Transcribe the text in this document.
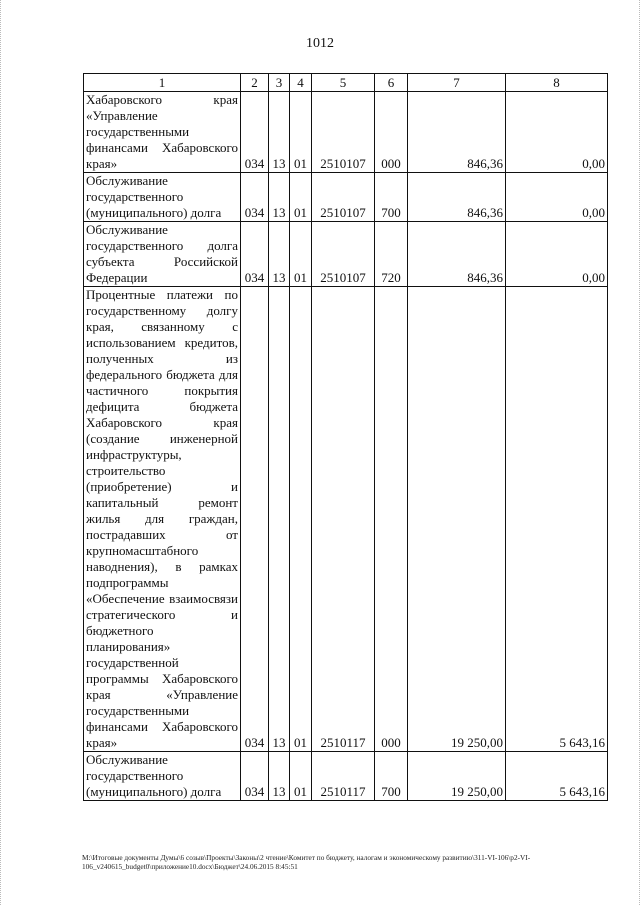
1012
1	2	3	4	5	6	7	8
Хабаровского края «Управление государственными финансами Хабаровского края»	034	13	01	2510107	000	846,36	0,00
Обслуживание государственного (муниципального) долга	034	13	01	2510107	700	846,36	0,00
Обслуживание государственного долга субъекта Российской Федерации	034	13	01	2510107	720	846,36	0,00
Процентные платежи по государственному долгу края, связанному с использованием кредитов, полученных из федерального бюджета для частичного покрытия дефицита бюджета Хабаровского края (создание инженерной инфраструктуры, строительство (приобретение) и капитальный ремонт жилья для граждан, пострадавших от крупномасштабного наводнения), в рамках подпрограммы «Обеспечение взаимосвязи стратегического и бюджетного планирования» государственной программы Хабаровского края «Управление государственными финансами Хабаровского края»	034	13	01	2510117	000	19 250,00	5 643,16
Обслуживание государственного (муниципального) долга	034	13	01	2510117	700	19 250,00	5 643,16
M:\Итоговые документы Думы\6 созыв\Проекты\Законы\2 чтение\Комитет по бюджету, налогам и экономическому развитию\311-VI-106\p2-VI-106_v240615_budget0\приложение10.docx\Бюджет\24.06.2015 8:45:51
